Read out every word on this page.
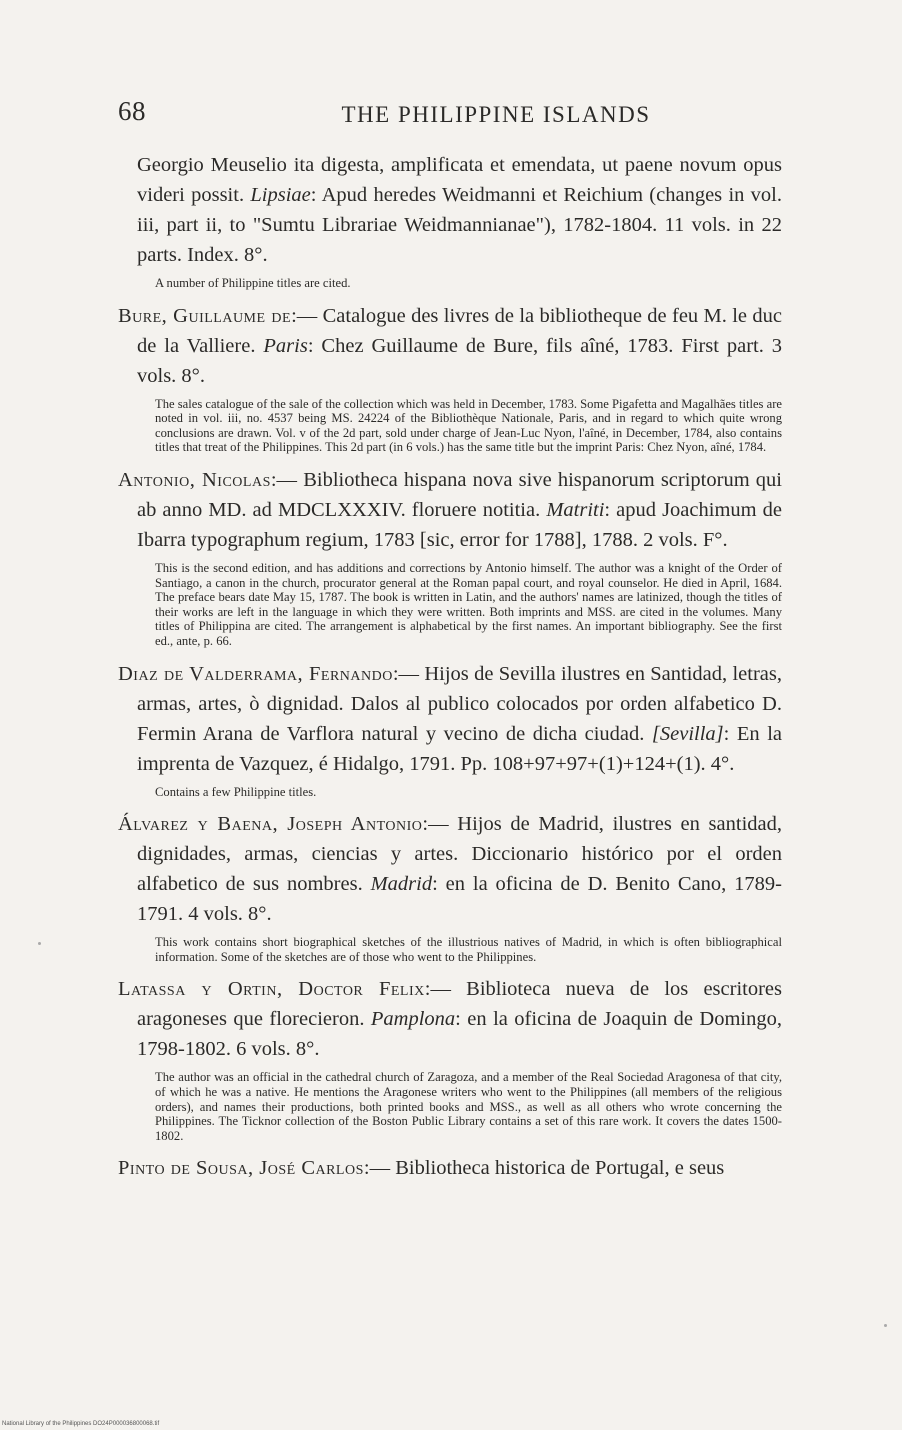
68	THE PHILIPPINE ISLANDS

Georgio Meuselio ita digesta, amplificata et emendata, ut paene novum opus videri possit. Lipsiae: Apud heredes Weidmanni et Reichium (changes in vol. iii, part ii, to "Sumtu Librariae Weidmannianae"), 1782-1804. 11 vols. in 22 parts. Index. 8°.

A number of Philippine titles are cited.

Bure, Guillaume de:— Catalogue des livres de la bibliotheque de feu M. le duc de la Valliere. Paris: Chez Guillaume de Bure, fils aîné, 1783. First part. 3 vols. 8°.

The sales catalogue of the sale of the collection which was held in December, 1783. Some Pigafetta and Magalhães titles are noted in vol. iii, no. 4537 being MS. 24224 of the Bibliothèque Nationale, Paris, and in regard to which quite wrong conclusions are drawn. Vol. v of the 2d part, sold under charge of Jean-Luc Nyon, l'aîné, in December, 1784, also contains titles that treat of the Philippines. This 2d part (in 6 vols.) has the same title but the imprint Paris: Chez Nyon, aîné, 1784.

Antonio, Nicolas:— Bibliotheca hispana nova sive hispanorum scriptorum qui ab anno MD. ad MDCLXXXIV. floruere notitia. Matriti: apud Joachimum de Ibarra typographum regium, 1783 [sic, error for 1788], 1788. 2 vols. F°.

This is the second edition, and has additions and corrections by Antonio himself. The author was a knight of the Order of Santiago, a canon in the church, procurator general at the Roman papal court, and royal counselor. He died in April, 1684. The preface bears date May 15, 1787. The book is written in Latin, and the authors' names are latinized, though the titles of their works are left in the language in which they were written. Both imprints and MSS. are cited in the volumes. Many titles of Philippina are cited. The arrangement is alphabetical by the first names. An important bibliography. See the first ed., ante, p. 66.

Diaz de Valderrama, Fernando:— Hijos de Sevilla ilustres en Santidad, letras, armas, artes, ò dignidad. Dalos al publico colocados por orden alfabetico D. Fermin Arana de Varflora natural y vecino de dicha ciudad. [Sevilla]: En la imprenta de Vazquez, é Hidalgo, 1791. Pp. 108+97+97+(1)+124+(1). 4°.

Contains a few Philippine titles.

Álvarez y Baena, Joseph Antonio:— Hijos de Madrid, ilustres en santidad, dignidades, armas, ciencias y artes. Diccionario histórico por el orden alfabetico de sus nombres. Madrid: en la oficina de D. Benito Cano, 1789-1791. 4 vols. 8°.

This work contains short biographical sketches of the illustrious natives of Madrid, in which is often bibliographical information. Some of the sketches are of those who went to the Philippines.

Latassa y Ortin, Doctor Felix:— Biblioteca nueva de los escritores aragoneses que florecieron. Pamplona: en la oficina de Joaquin de Domingo, 1798-1802. 6 vols. 8°.

The author was an official in the cathedral church of Zaragoza, and a member of the Real Sociedad Aragonesa of that city, of which he was a native. He mentions the Aragonese writers who went to the Philippines (all members of the religious orders), and names their productions, both printed books and MSS., as well as all others who wrote concerning the Philippines. The Ticknor collection of the Boston Public Library contains a set of this rare work. It covers the dates 1500-1802.

Pinto de Sousa, José Carlos:— Bibliotheca historica de Portugal, e seus

National Library of the Philippines DO24P000036800068.tif
